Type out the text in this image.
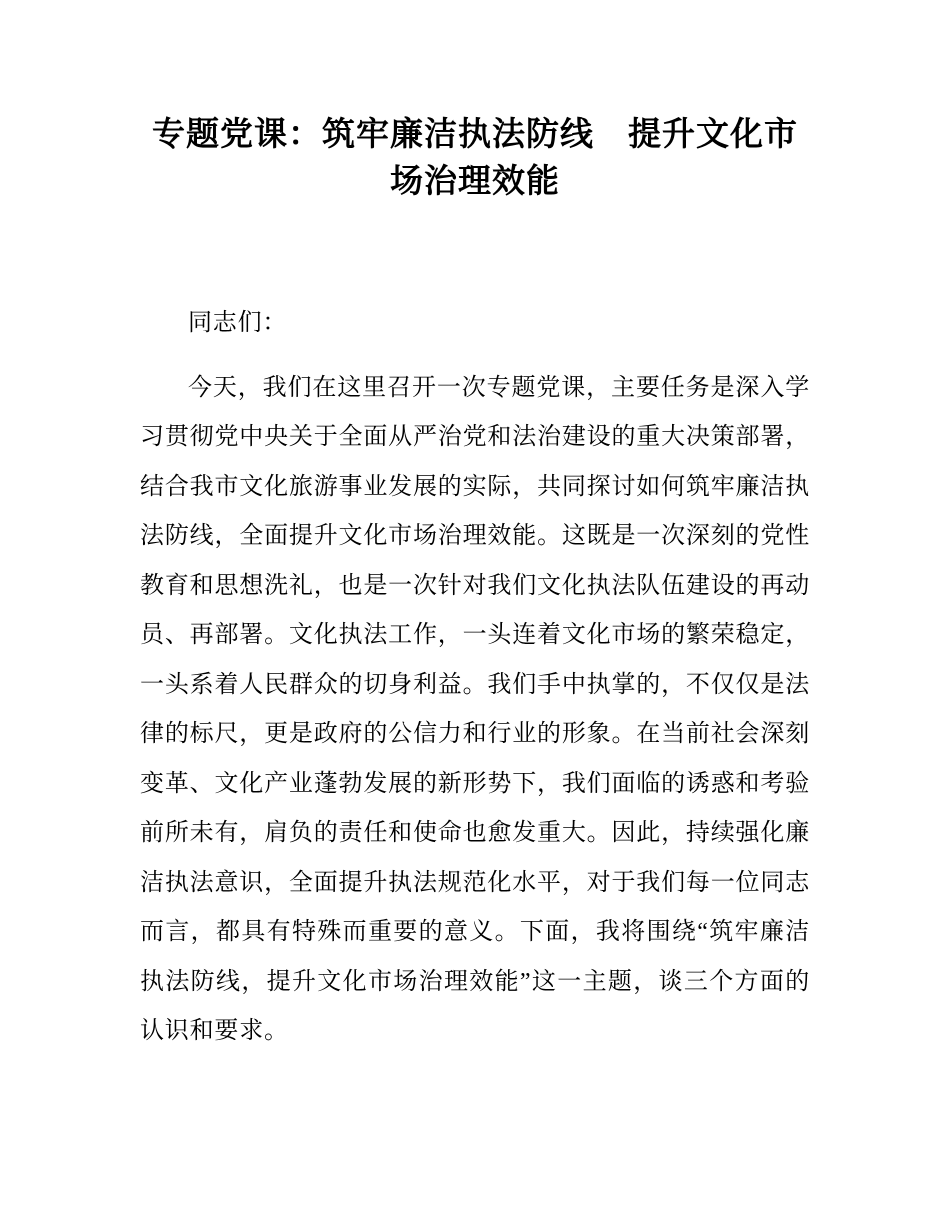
专题党课：筑牢廉洁执法防线　提升文化市
场治理效能

同志们：

今天，我们在这里召开一次专题党课，主要任务是深入学习贯彻党中央关于全面从严治党和法治建设的重大决策部署，结合我市文化旅游事业发展的实际，共同探讨如何筑牢廉洁执法防线，全面提升文化市场治理效能。这既是一次深刻的党性教育和思想洗礼，也是一次针对我们文化执法队伍建设的再动员、再部署。文化执法工作，一头连着文化市场的繁荣稳定，一头系着人民群众的切身利益。我们手中执掌的，不仅仅是法律的标尺，更是政府的公信力和行业的形象。在当前社会深刻变革、文化产业蓬勃发展的新形势下，我们面临的诱惑和考验前所未有，肩负的责任和使命也愈发重大。因此，持续强化廉洁执法意识，全面提升执法规范化水平，对于我们每一位同志而言，都具有特殊而重要的意义。下面，我将围绕“筑牢廉洁执法防线，提升文化市场治理效能”这一主题，谈三个方面的认识和要求。
